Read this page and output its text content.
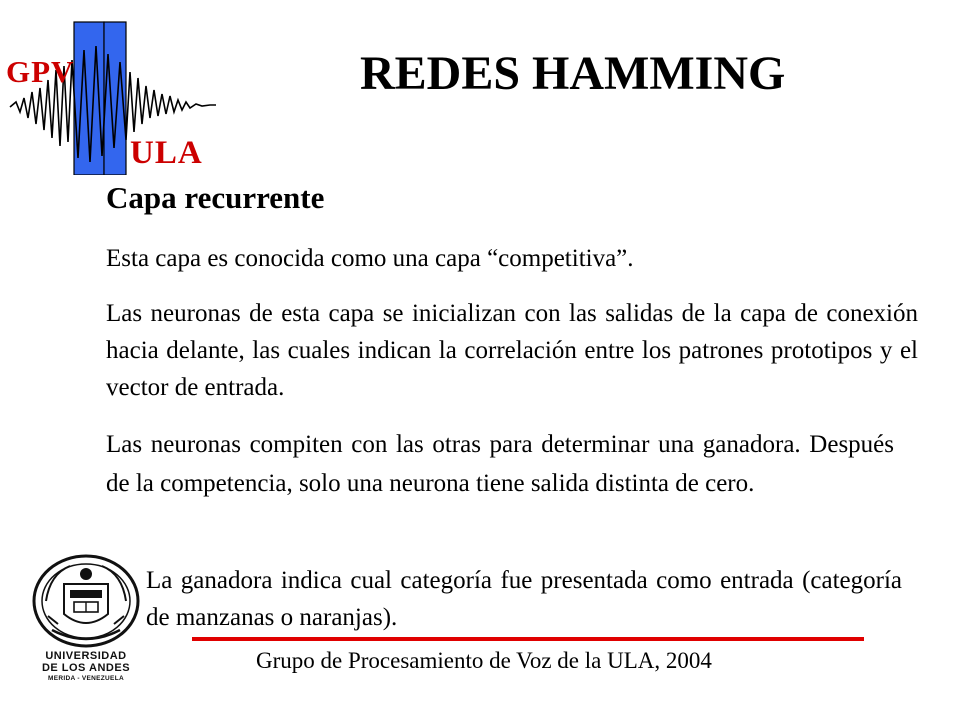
GPV
ULA
REDES HAMMING
Capa recurrente
Esta capa es conocida como una capa “competitiva”.
Las neuronas de esta capa se inicializan con las salidas de la capa de conexión hacia delante, las cuales indican la correlación entre los patrones prototipos y el vector de entrada.
Las neuronas compiten con las otras para determinar una ganadora. Después de la competencia, solo una neurona tiene salida distinta de cero.
La ganadora indica cual categoría fue presentada como entrada (categoría de manzanas o naranjas).
UNIVERSIDAD
DE LOS ANDES
MERIDA - VENEZUELA
Grupo de Procesamiento de Voz de la ULA, 2004
